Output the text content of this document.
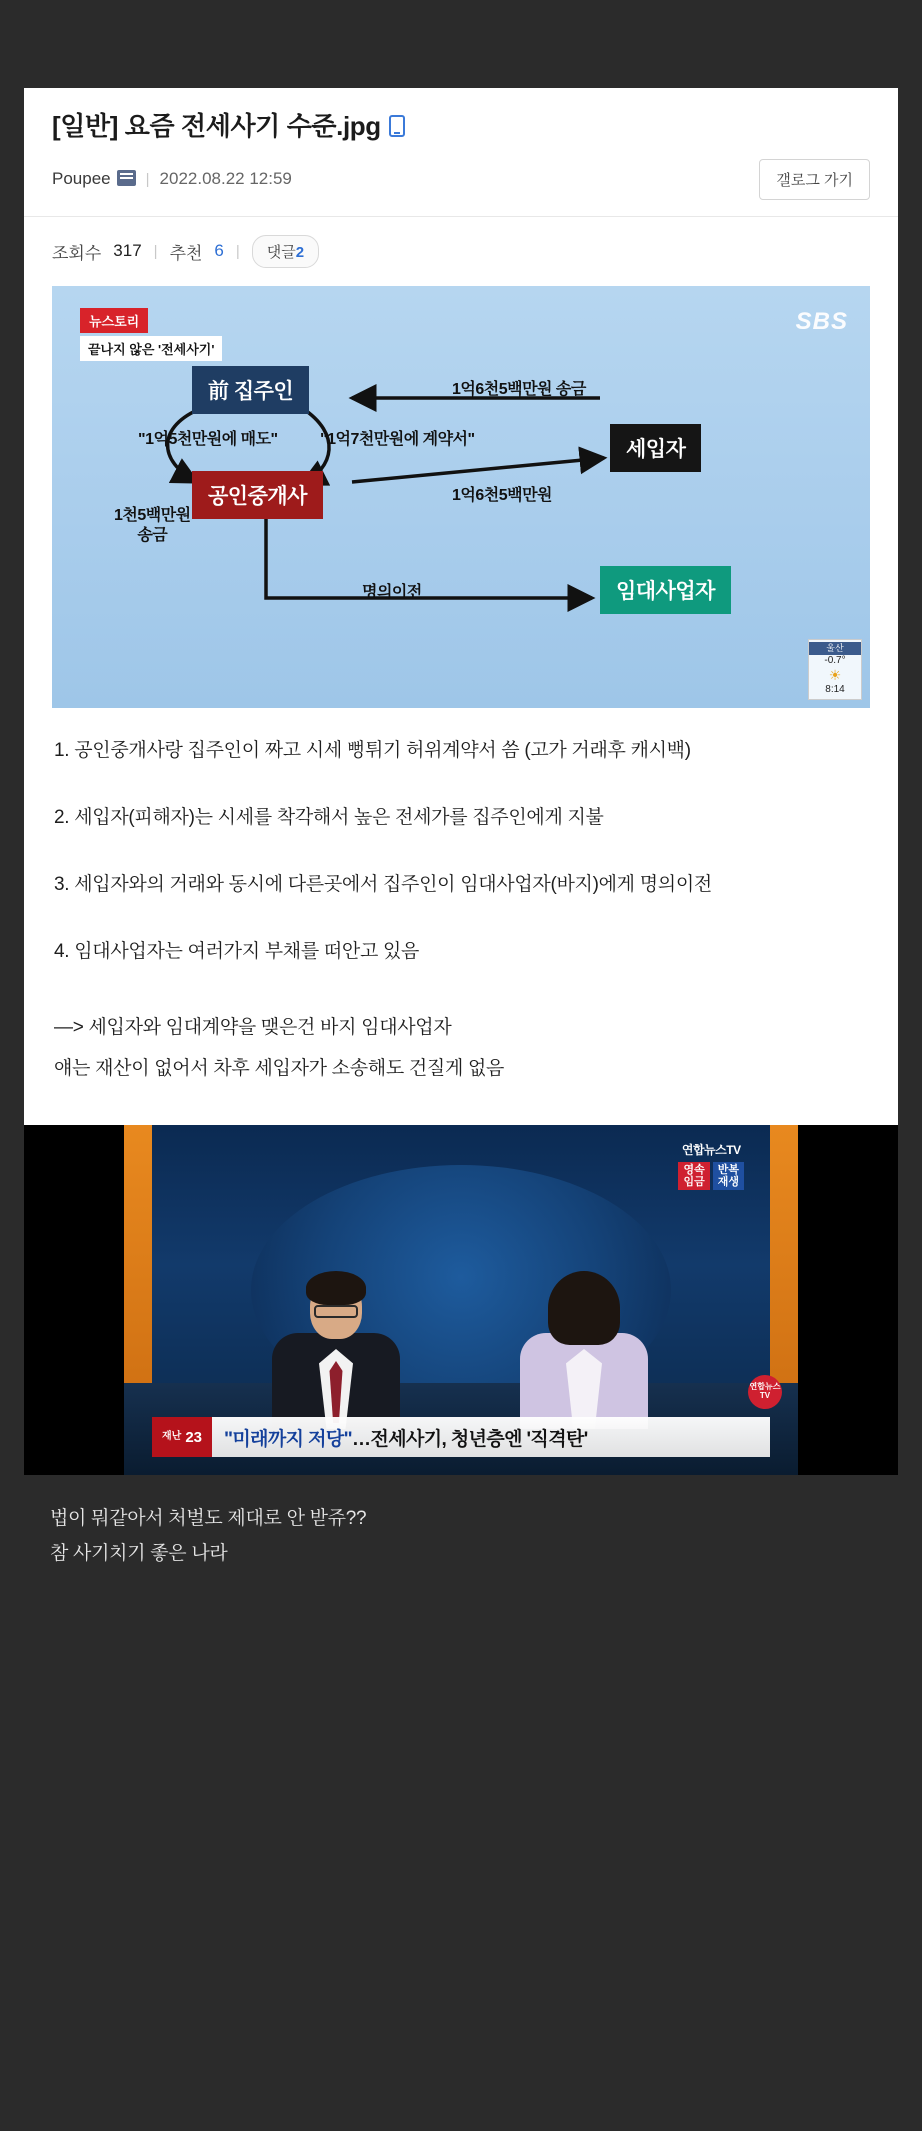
[일반] 요즘 전세사기 수준.jpg
Poupee	| 2022.08.22 12:59	갤로그 가기
조회수 317 | 추천 6 |	댓글2
SBS
뉴스토리
끝나지 않은 '전세사기'
前 집주인
세입자
공인중개사
임대사업자
1억6천5백만원 송금
"1억5천만원에 매도"	"1억7천만원에 계약서"
1억6천5백만원
1천5백만원
송금
명의이전
울산
-0.7°
☀
8:14

1. 공인중개사랑 집주인이 짜고 시세 뻥튀기 허위계약서 씀 (고가 거래후 캐시백)

2. 세입자(피해자)는 시세를 착각해서 높은 전세가를 집주인에게 지불

3. 세입자와의 거래와 동시에 다른곳에서 집주인이 임대사업자(바지)에게 명의이전

4. 임대사업자는 여러가지 부채를 떠안고 있음

—> 세입자와 임대계약을 맺은건 바지 임대사업자

얘는 재산이 없어서 차후 세입자가 소송해도 건질게 없음

연합뉴스TV
영속
임금
반복
재생
재난 23	"미래까지 저당"…전세사기, 청년층엔 '직격탄'
연합뉴스TV
법이 뭐같아서 처벌도 제대로 안 받쥬??
참 사기치기 좋은 나라
